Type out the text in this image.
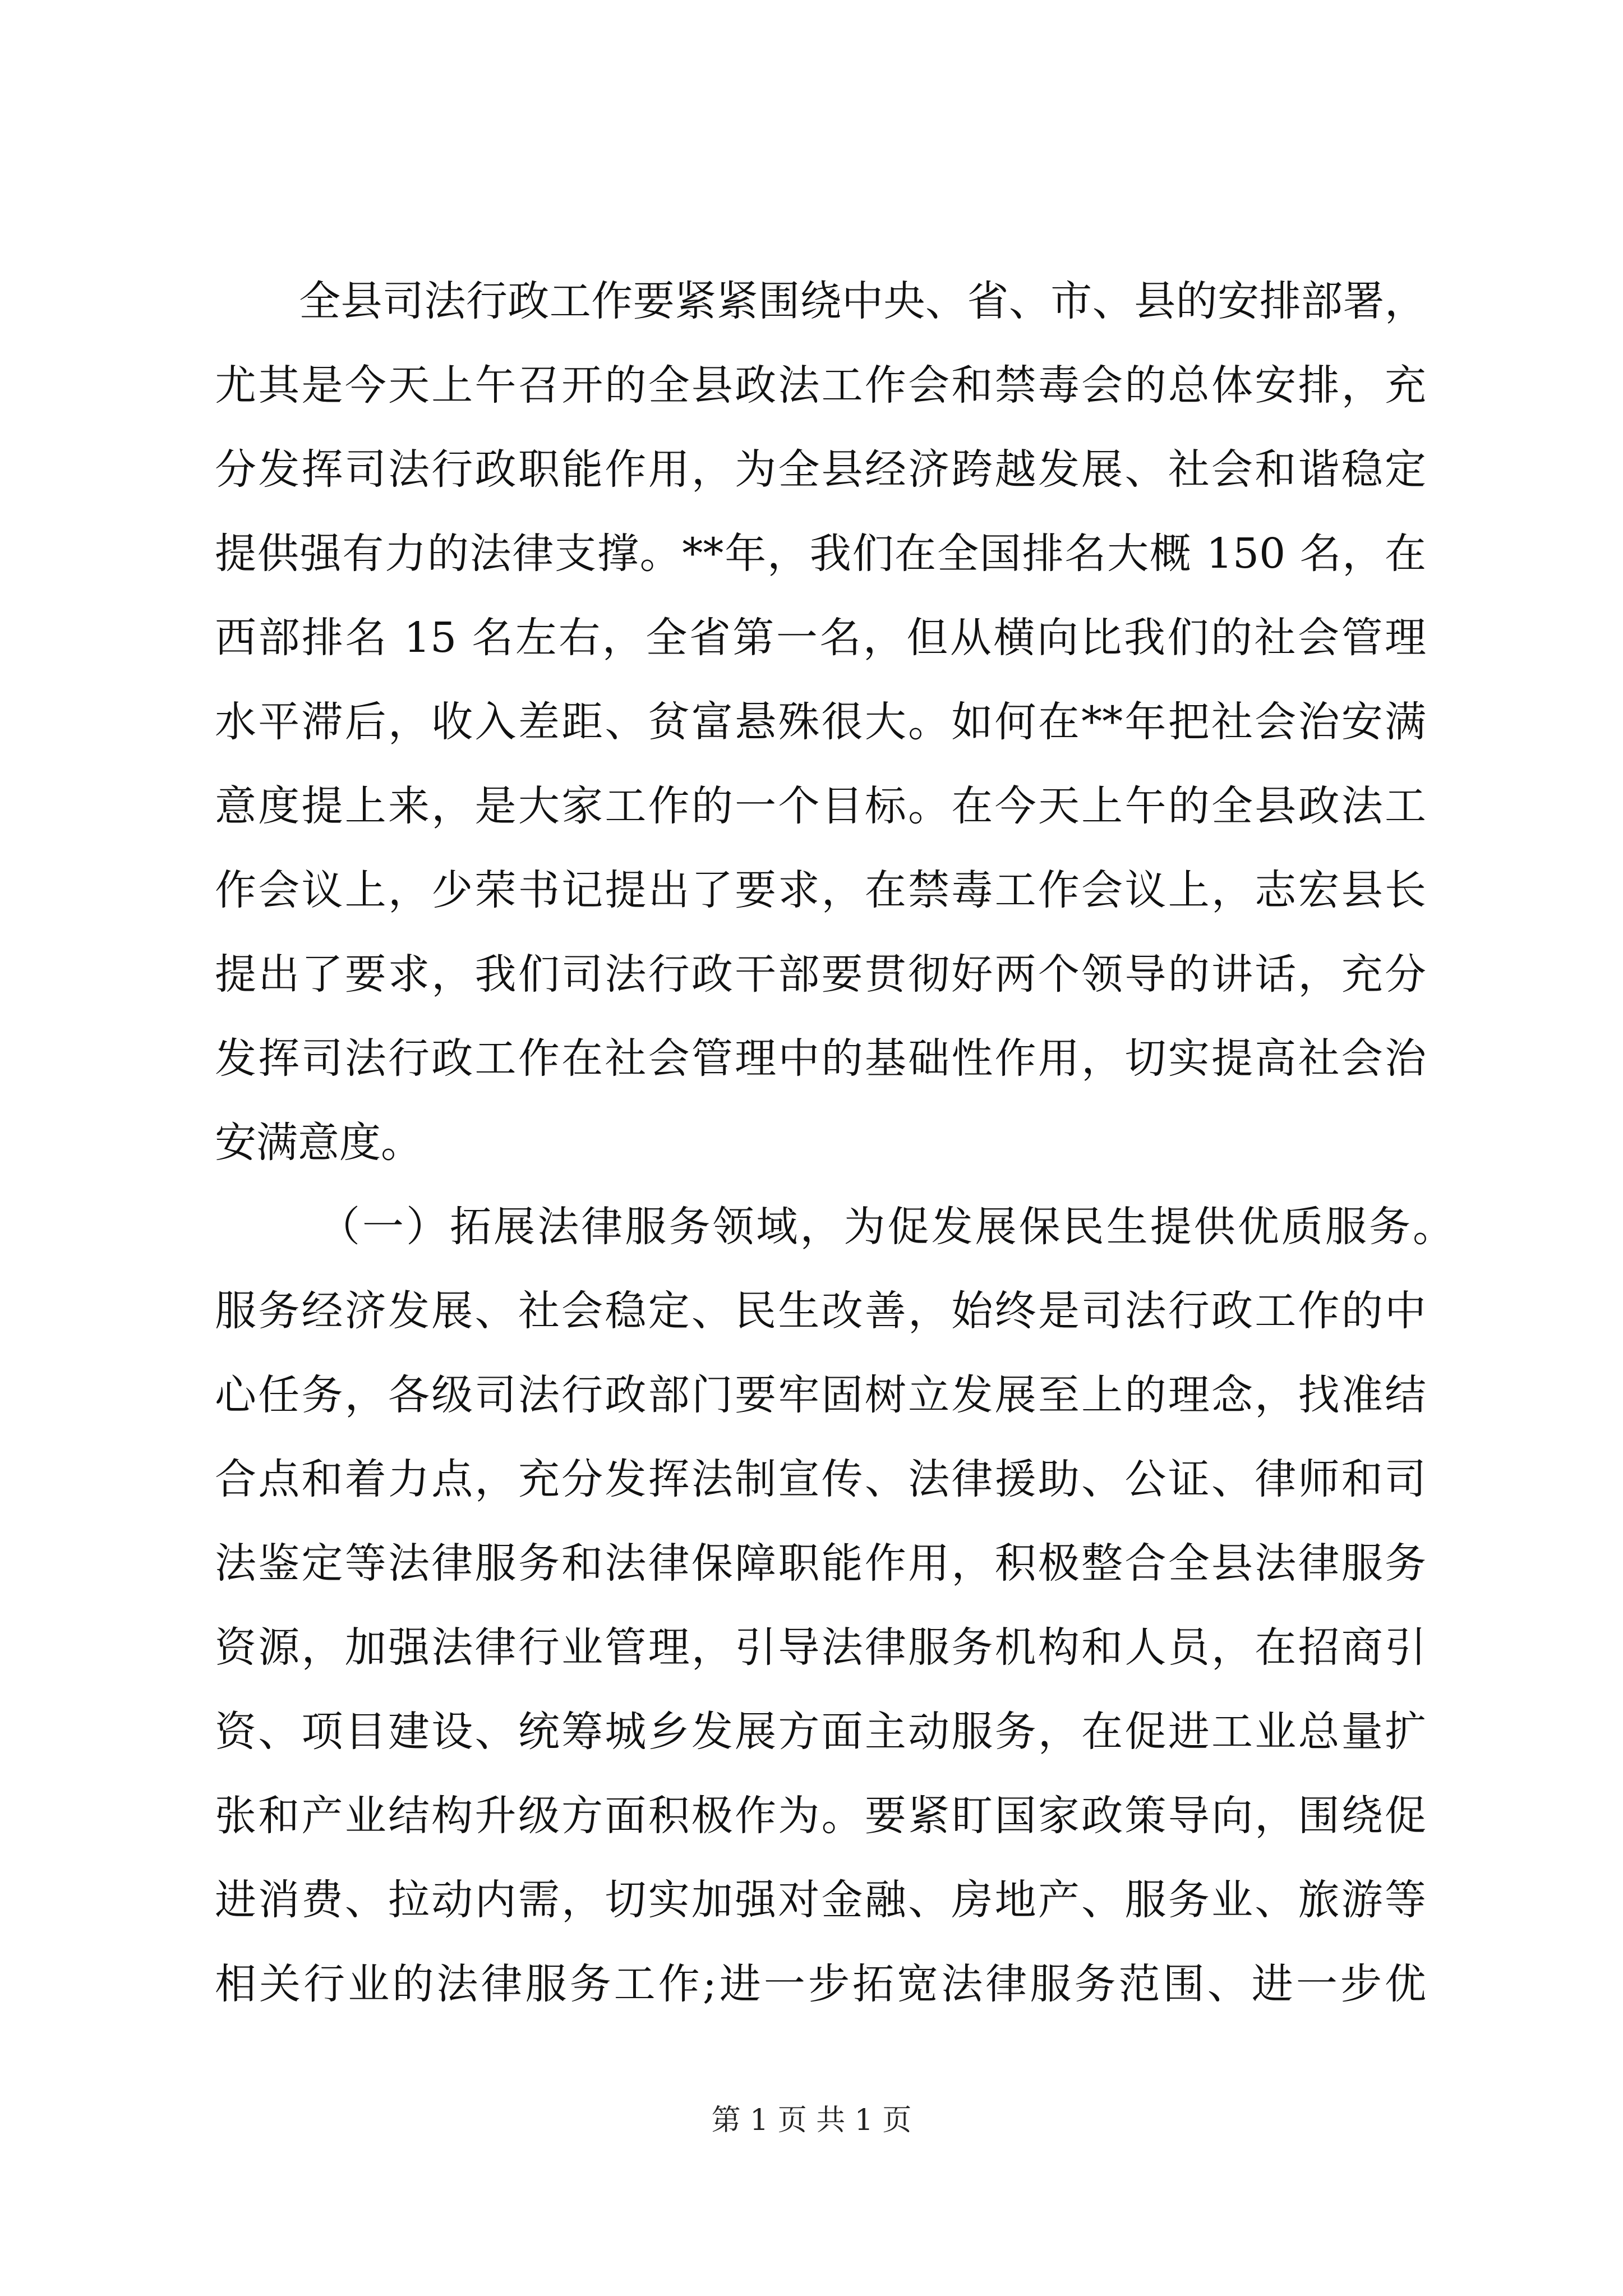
全县司法行政工作要紧紧围绕中央、省、市、县的安排部署，
尤其是今天上午召开的全县政法工作会和禁毒会的总体安排，充
分发挥司法行政职能作用，为全县经济跨越发展、社会和谐稳定
提供强有力的法律支撑。**年，我们在全国排名大概 150 名，在
西部排名 15 名左右，全省第一名，但从横向比我们的社会管理
水平滞后，收入差距、贫富悬殊很大。如何在**年把社会治安满
意度提上来，是大家工作的一个目标。在今天上午的全县政法工
作会议上，少荣书记提出了要求，在禁毒工作会议上，志宏县长
提出了要求，我们司法行政干部要贯彻好两个领导的讲话，充分
发挥司法行政工作在社会管理中的基础性作用，切实提高社会治
安满意度。
（一）拓展法律服务领域，为促发展保民生提供优质服务。
服务经济发展、社会稳定、民生改善，始终是司法行政工作的中
心任务，各级司法行政部门要牢固树立发展至上的理念，找准结
合点和着力点，充分发挥法制宣传、法律援助、公证、律师和司
法鉴定等法律服务和法律保障职能作用，积极整合全县法律服务
资源，加强法律行业管理，引导法律服务机构和人员，在招商引
资、项目建设、统筹城乡发展方面主动服务，在促进工业总量扩
张和产业结构升级方面积极作为。要紧盯国家政策导向，围绕促
进消费、拉动内需，切实加强对金融、房地产、服务业、旅游等
相关行业的法律服务工作;进一步拓宽法律服务范围、进一步优
第 1 页 共 1 页
